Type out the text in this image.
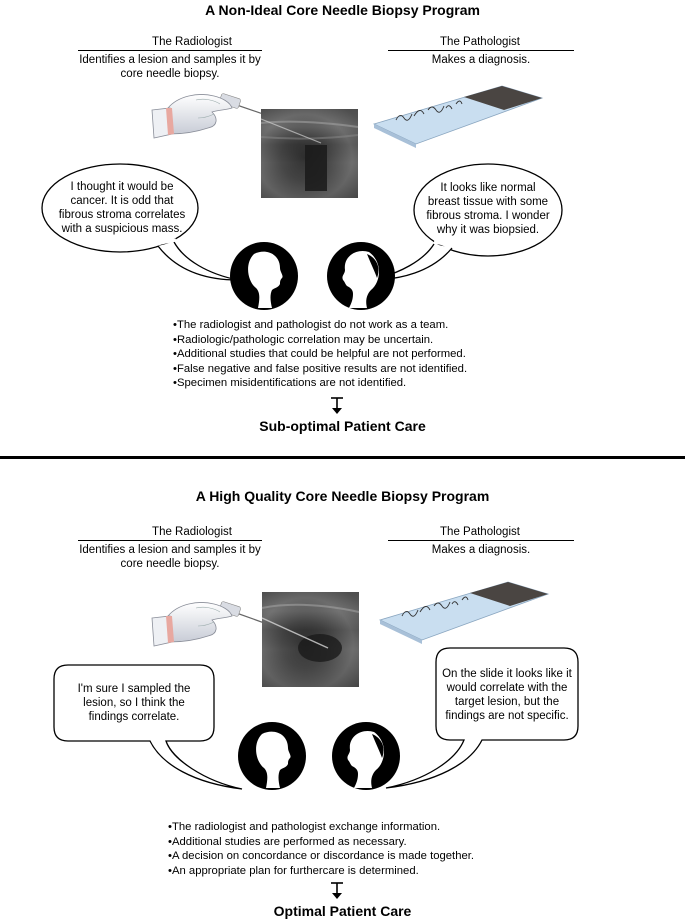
A Non-Ideal Core Needle Biopsy Program
The Radiologist
Identifies a lesion and samples it by core needle biopsy.
The Pathologist
Makes a diagnosis.
I thought it would be cancer. It is odd that fibrous stroma correlates with a suspicious mass.
It looks like normal breast tissue with some fibrous stroma. I wonder why it was biopsied.
• The radiologist and pathologist do not work as a team.
• Radiologic/pathologic correlation may be uncertain.
• Additional studies that could be helpful are not performed.
• False negative and false positive results are not identified.
• Specimen misidentifications are not identified.
Sub-optimal Patient Care
A High Quality Core Needle Biopsy Program
The Radiologist
Identifies a lesion and samples it by core needle biopsy.
The Pathologist
Makes a diagnosis.
I'm sure I sampled the lesion, so I think the findings correlate.
On the slide it looks like it would correlate with the target lesion, but the findings are not specific.
• The radiologist and pathologist exchange information.
• Additional studies are performed as necessary.
• A decision on concordance or discordance is made together.
• An appropriate plan for furthercare is determined.
Optimal Patient Care
